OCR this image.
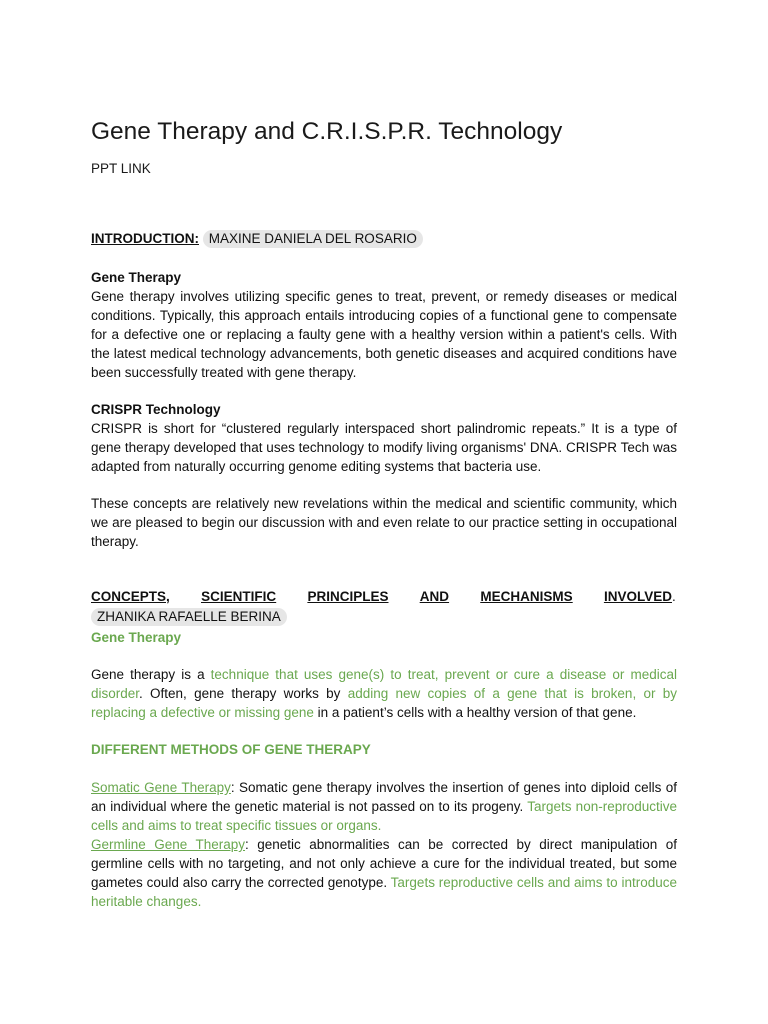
Gene Therapy and C.R.I.S.P.R. Technology
PPT LINK
INTRODUCTION: MAXINE DANIELA DEL ROSARIO
Gene Therapy

Gene therapy involves utilizing specific genes to treat, prevent, or remedy diseases or medical conditions. Typically, this approach entails introducing copies of a functional gene to compensate for a defective one or replacing a faulty gene with a healthy version within a patient's cells. With the latest medical technology advancements, both genetic diseases and acquired conditions have been successfully treated with gene therapy.

CRISPR Technology

CRISPR is short for “clustered regularly interspaced short palindromic repeats.” It is a type of gene therapy developed that uses technology to modify living organisms' DNA. CRISPR Tech was adapted from naturally occurring genome editing systems that bacteria use.

These concepts are relatively new revelations within the medical and scientific community, which we are pleased to begin our discussion with and even relate to our practice setting in occupational therapy.

CONCEPTS, SCIENTIFIC PRINCIPLES AND MECHANISMS INVOLVED .
ZHANIKA RAFAELLE BERINA
Gene Therapy

Gene therapy is a technique that uses gene(s) to treat, prevent or cure a disease or medical disorder. Often, gene therapy works by adding new copies of a gene that is broken, or by replacing a defective or missing gene in a patient’s cells with a healthy version of that gene.

DIFFERENT METHODS OF GENE THERAPY

Somatic Gene Therapy: Somatic gene therapy involves the insertion of genes into diploid cells of an individual where the genetic material is not passed on to its progeny. Targets non-reproductive cells and aims to treat specific tissues or organs.

Germline Gene Therapy: genetic abnormalities can be corrected by direct manipulation of germline cells with no targeting, and not only achieve a cure for the individual treated, but some gametes could also carry the corrected genotype. Targets reproductive cells and aims to introduce heritable changes.
